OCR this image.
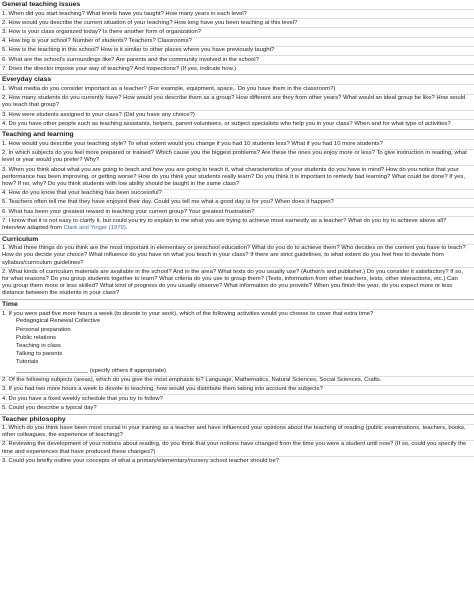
General teaching issues
1. When did you start teaching? What levels have you taught? How many years in each level?
2. How would you describe the current situation of your teaching? How long have you been teaching at this level?
3. How is your class organized today? Is there another form of organization?
4. How big is your school? Number of students? Teachers? Classrooms?
5. How is the teaching in this school? How is it similar to other places where you have previously taught?
6. What are the school's surroundings like? Are parents and the community involved in the school?
7. Does the director impose your way of teaching? And inspections? (If yes, indicate how.)
Everyday class
1. What media do you consider important as a teacher? (For example, equipment, space,. Do you have them in the classroom?)
2. How many students do you currently have? How would you describe them as a group? How different are they from other years? What would an ideal group be like? How would you teach that group?
3. How were students assigned to your class? (Did you have any choice?)
4. Do you have other people such as teaching assistants, helpers, parent volunteers, or subject specialists who help you in your class? When and for what type of activities?
Teaching and learning
1. How would you describe your teaching style? To what extent would you change if you had 10 students less? What if you had 10 more students?
2. In which subjects do you feel more prepared or trained? Which cause you the biggest problems? Are these the ones you enjoy more or less? To give instruction in reading, what level or year would you prefer? Why?
3. When you think about what you are going to teach and how you are going to teach it, what characteristics of your students do you have in mind? How do you notice that your performance has been improving, or getting worse? How do you think your students really learn? Do you think it is important to remedy bad learning? What could be done? If yes, how? If no, why? Do you think students with low ability should be taught in the same class?
4. How do you know that your teaching has been successful?
5. Teachers often tell me that they have enjoyed their day. Could you tell me what a good day is for you? When does it happen?
6. What has been your greatest reward in teaching your current group? Your greatest frustration?
7. I know that it is not easy to clarify it, but could you try to explain to me what you are trying to achieve most earnestly as a teacher? What do you try to achieve above all? Interview adapted from Clark and Yinger (1979).
Curriculum
1. What three things do you think are the most important in elementary or preschool education? What do you do to achieve them? Who decides on the content you have to teach? How do you decide your choice? What influence do you have on what you teach in your class? If there are strict guidelines, to what extent do you feel free to deviate from syllabus/curriculum guidelines?
2. What kinds of curriculum materials are available in the school? And in the area? What texts do you usually use? (Author/s and publisher.) Do you consider it satisfactory? If so, for what reasons? Do you group students together to learn? What criteria do you use to group them? (Tests, information from other teachers, tests, other interactions, etc.) Can you group them more or less skilled? What kind of progress do you usually observe? What information do you provide? When you finish the year, do you expect more or less distance between the students in your class?
Time
1. If you were paid five more hours a week (to devote to your work), which of the following activities would you choose to cover that extra time?
Pedagogical Renewal Collective
Personal preparation
Public relations
Teaching in class
Talking to parents
Tutorials
______________________ (specify others if appropriate)
2. Of the following subjects (areas), which do you give the most emphasis to? Language, Mathematics, Natural Sciences, Social Sciences, Crafts.
3. If you had two more hours a week to devote to teaching, how would you distribute them taking into account the subjects?
4. Do you have a fixed weekly schedule that you try to follow?
5. Could you describe a typical day?
Teacher philosophy
1. Which do you think have been most crucial in your training as a teacher and have influenced your opinions about the teaching of reading (public examinations, teachers, books, other colleagues, the experience of teaching)?
2. Reviewing the development of your notions about reading, do you think that your notions have changed from the time you were a student until now? (If so, could you specify the time and experiences that have produced these changes?)
3. Could you briefly outline your concepts of what a primary/elementary/nursery school teacher should be?
